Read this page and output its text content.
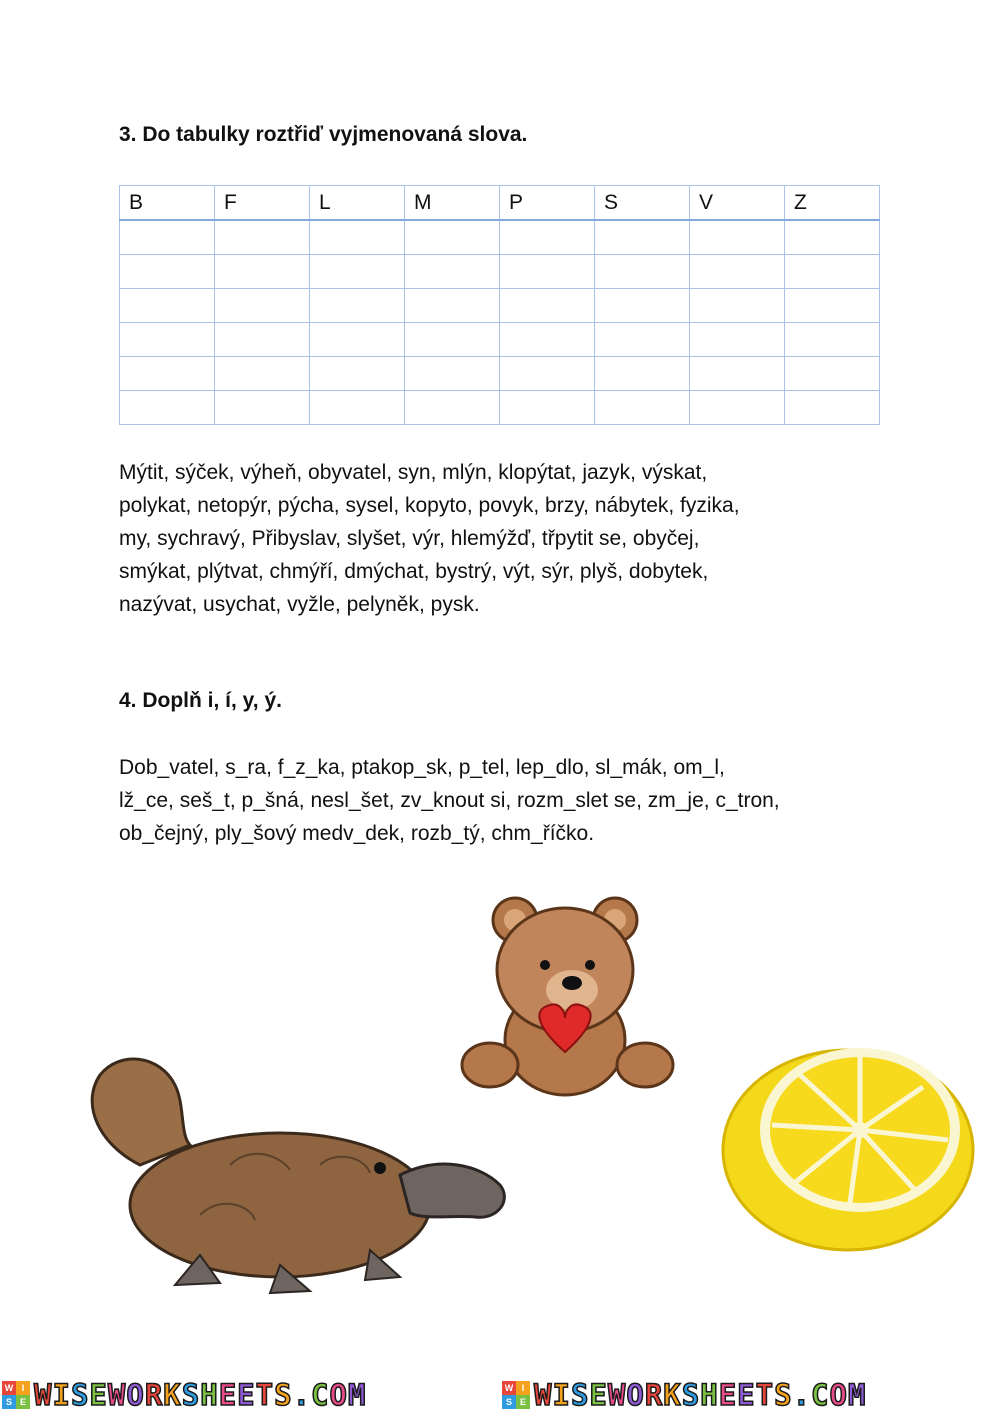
3. Do tabulky roztřiď vyjmenovaná slova.
B	F	L	M	P	S	V	Z

Mýtit, sýček, výheň, obyvatel, syn, mlýn, klopýtat, jazyk, výskat,
polykat, netopýr, pýcha, sysel, kopyto, povyk, brzy, nábytek, fyzika,
my, sychravý, Přibyslav, slyšet, výr, hlemýžď, třpytit se, obyčej,
smýkat, plýtvat, chmýří, dmýchat, bystrý, výt, sýr, plyš, dobytek,
nazývat, usychat, vyžle, pelyněk, pysk.
4. Doplň i, í, y, ý.
Dob_vatel, s_ra, f_z_ka, ptakop_sk, p_tel, lep_dlo, sl_mák, om_l,
lž_ce, seš_t, p_šná, nesl_šet, zv_knout si, rozm_slet se, zm_je, c_tron,
ob_čejný, ply_šový medv_dek, rozb_tý, chm_říčko.
W I
S E WISEWORKSHEETS.COM	W I
S E WISEWORKSHEETS.COM
